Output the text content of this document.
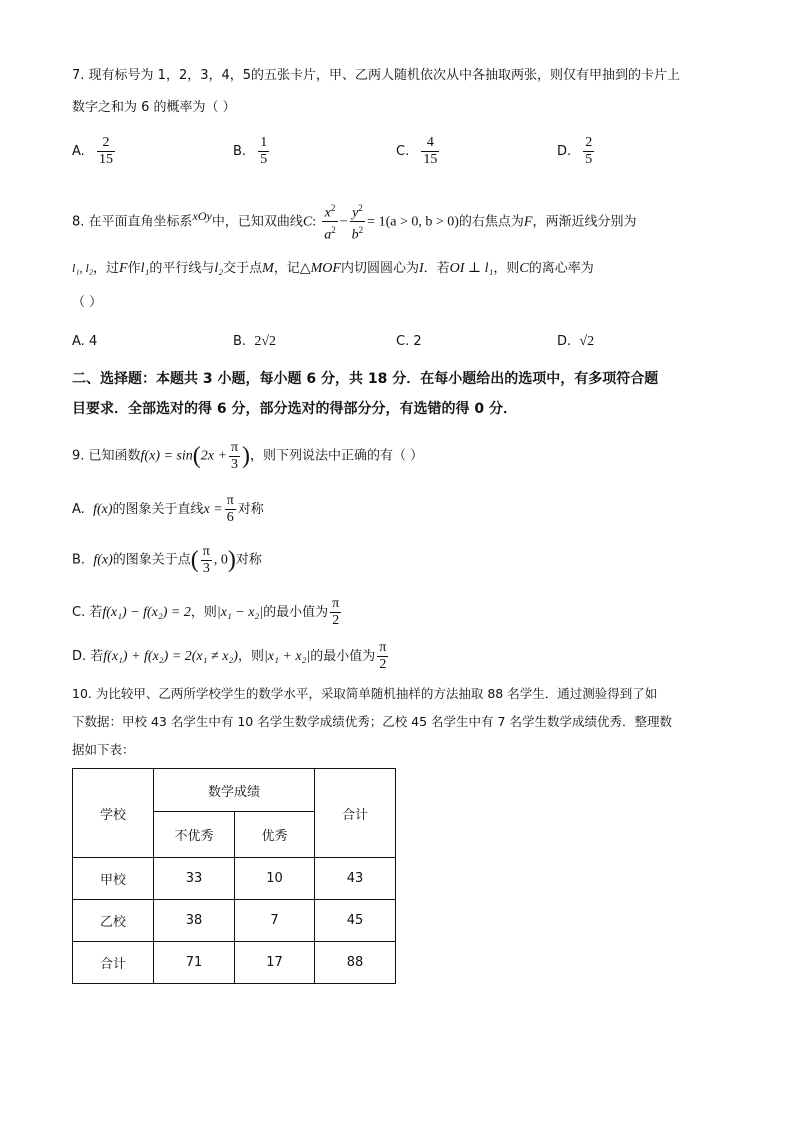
7. 现有标号为 1，2，3，4，5的五张卡片，甲、乙两人随机依次从中各抽取两张，则仅有甲抽到的卡片上
数字之和为 6 的概率为（ ）
A. $\frac{2}{15}$	B. $\frac{1}{5}$	C. $\frac{4}{15}$	D. $\frac{2}{5}$
8. 在平面直角坐标系xOy中，已知双曲线C: $\frac{x^2}{a^2} - \frac{y^2}{b^2} = 1(a > 0$, b > 0)的右焦点为F，两渐近线分别为
l₁, l₂，过F作l₁的平行线与l₂交于点M，记△MOF内切圆圆心为I．若OI ⊥ l₁，则C的离心率为
（ ）
A. 4	B. 2√2	C. 2	D. √2
二、选择题：本题共 3 小题，每小题 6 分，共 18 分．在每小题给出的选项中，有多项符合题
目要求．全部选对的得 6 分，部分选对的得部分分，有选错的得 0 分．
9. 已知函数$f(x) = \sin(2x + \frac{\pi}{3}$ )，则下列说法中正确的有（ ）
A. f(x)的图象关于直线$x = \frac{\pi}{6}$ 对称
B. f(x)的图象关于点( $\frac{\pi}{3}$ , 0)对称
C. 若f(x₁) − f(x₂) = 2，则|x₁ − x₂|的最小值为 $\frac{\pi}{2}$
D. 若f(x₁) + f(x₂) = 2(x₁ ≠ x₂)，则|x₁ + x₂|的最小值为 $\frac{\pi}{2}$
10. 为比较甲、乙两所学校学生的数学水平，采取简单随机抽样的方法抽取 88 名学生．通过测验得到了如
下数据：甲校 43 名学生中有 10 名学生数学成绩优秀；乙校 45 名学生中有 7 名学生数学成绩优秀．整理数
据如下表：
学校	数学成绩		合计
	不优秀	优秀	
甲校	33	10	43
乙校	38	7	45
合计	71	17	88
